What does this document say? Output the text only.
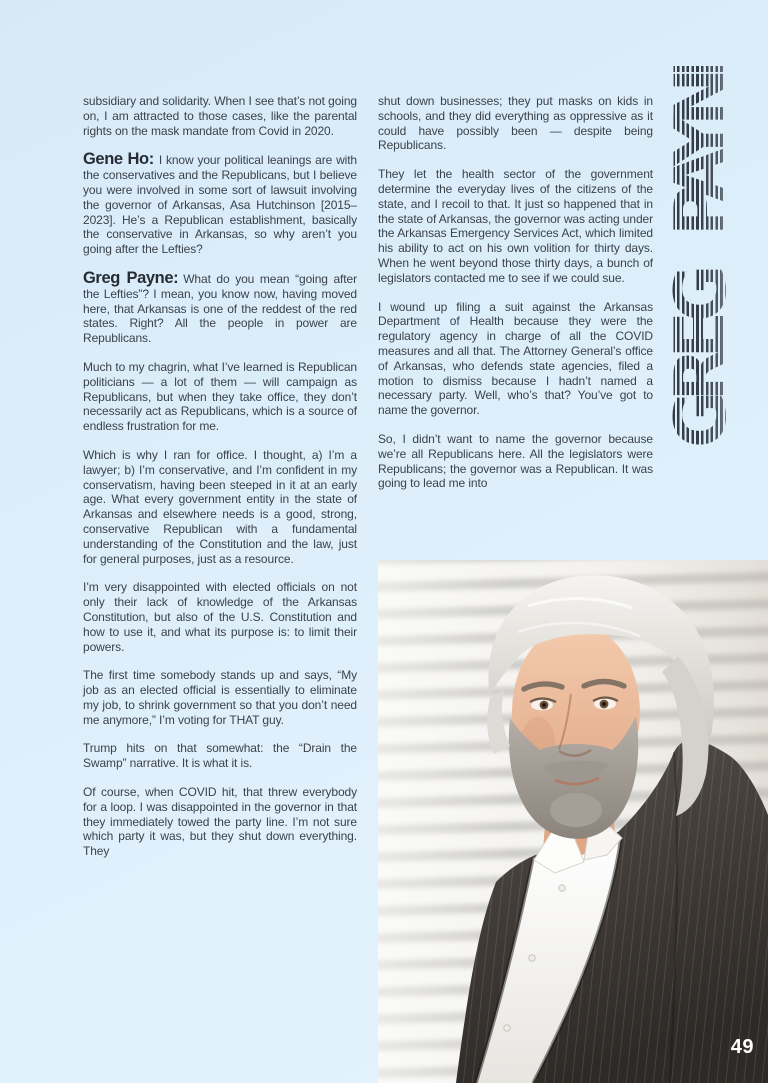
GREG PAYNE

subsidiary and solidarity. When I see that’s not going on, I am attracted to those cases, like the parental rights on the mask mandate from Covid in 2020.

Gene Ho: I know your political leanings are with the conservatives and the Republicans, but I believe you were involved in some sort of lawsuit involving the governor of Arkansas, Asa Hutchinson [2015–2023]. He’s a Republican establishment, basically the conservative in Arkansas, so why aren’t you going after the Lefties?

Greg Payne: What do you mean “going after the Lefties”? I mean, you know now, having moved here, that Arkansas is one of the reddest of the red states. Right? All the people in power are Republicans.

Much to my chagrin, what I’ve learned is Republican politicians — a lot of them — will campaign as Republicans, but when they take office, they don’t necessarily act as Republicans, which is a source of endless frustration for me.

Which is why I ran for office. I thought, a) I’m a lawyer; b) I’m conservative, and I’m confident in my conservatism, having been steeped in it at an early age. What every government entity in the state of Arkansas and elsewhere needs is a good, strong, conservative Republican with a fundamental understanding of the Constitution and the law, just for general purposes, just as a resource.

I’m very disappointed with elected officials on not only their lack of knowledge of the Arkansas Constitution, but also of the U.S. Constitution and how to use it, and what its purpose is: to limit their powers.

The first time somebody stands up and says, “My job as an elected official is essentially to eliminate my job, to shrink government so that you don’t need me anymore,” I’m voting for THAT guy.

Trump hits on that somewhat: the “Drain the Swamp” narrative. It is what it is.

Of course, when COVID hit, that threw everybody for a loop. I was disappointed in the governor in that they immediately towed the party line. I’m not sure which party it was, but they shut down everything. They

shut down businesses; they put masks on kids in schools, and they did everything as oppressive as it could have possibly been — despite being Republicans.

They let the health sector of the government determine the everyday lives of the citizens of the state, and I recoil to that. It just so happened that in the state of Arkansas, the governor was acting under the Arkansas Emergency Services Act, which limited his ability to act on his own volition for thirty days. When he went beyond those thirty days, a bunch of legislators contacted me to see if we could sue.

I wound up filing a suit against the Arkansas Department of Health because they were the regulatory agency in charge of all the COVID measures and all that. The Attorney General’s office of Arkansas, who defends state agencies, filed a motion to dismiss because I hadn’t named a necessary party. Well, who’s that? You’ve got to name the governor.

So, I didn’t want to name the governor because we’re all Republicans here. All the legislators were Republicans; the governor was a Republican. It was going to lead me into

49
